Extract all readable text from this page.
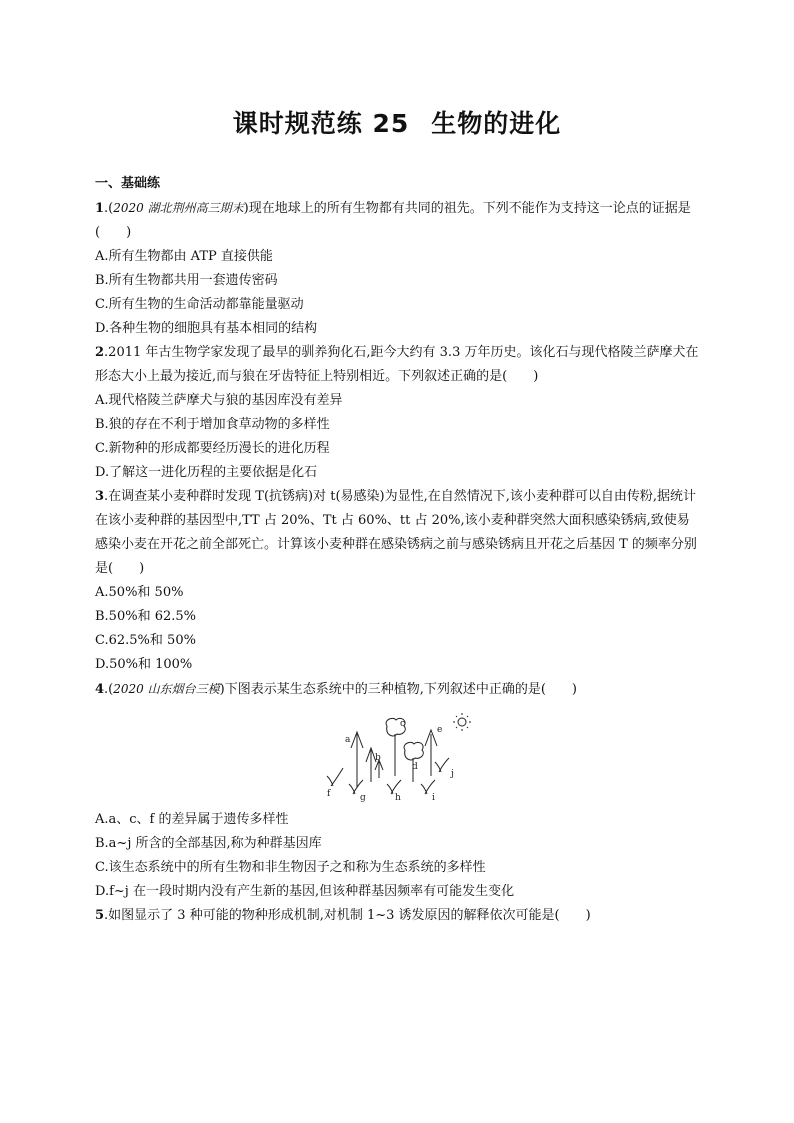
课时规范练 25 生物的进化
一、基础练
1.(2020 湖北荆州高三期末)现在地球上的所有生物都有共同的祖先。下列不能作为支持这一论点的证据是(　　)
A.所有生物都由 ATP 直接供能
B.所有生物都共用一套遗传密码
C.所有生物的生命活动都靠能量驱动
D.各种生物的细胞具有基本相同的结构
2.2011 年古生物学家发现了最早的驯养狗化石,距今大约有 3.3 万年历史。该化石与现代格陵兰萨摩犬在形态大小上最为接近,而与狼在牙齿特征上特别相近。下列叙述正确的是(　　)
A.现代格陵兰萨摩犬与狼的基因库没有差异
B.狼的存在不利于增加食草动物的多样性
C.新物种的形成都要经历漫长的进化历程
D.了解这一进化历程的主要依据是化石
3.在调查某小麦种群时发现 T(抗锈病)对 t(易感染)为显性,在自然情况下,该小麦种群可以自由传粉,据统计在该小麦种群的基因型中,TT 占 20%、Tt 占 60%、tt 占 20%,该小麦种群突然大面积感染锈病,致使易感染小麦在开花之前全部死亡。计算该小麦种群在感染锈病之前与感染锈病且开花之后基因 T 的频率分别是(　　)
A.50%和 50%
B.50%和 62.5%
C.62.5%和 50%
D.50%和 100%
4.(2020 山东烟台三模)下图表示某生态系统中的三种植物,下列叙述中正确的是(　　)
a
b
c
d
e
f	g	h	i
j
A.a、c、f 的差异属于遗传多样性
B.a~j 所含的全部基因,称为种群基因库
C.该生态系统中的所有生物和非生物因子之和称为生态系统的多样性
D.f~j 在一段时期内没有产生新的基因,但该种群基因频率有可能发生变化
5.如图显示了 3 种可能的物种形成机制,对机制 1~3 诱发原因的解释依次可能是(　　)
